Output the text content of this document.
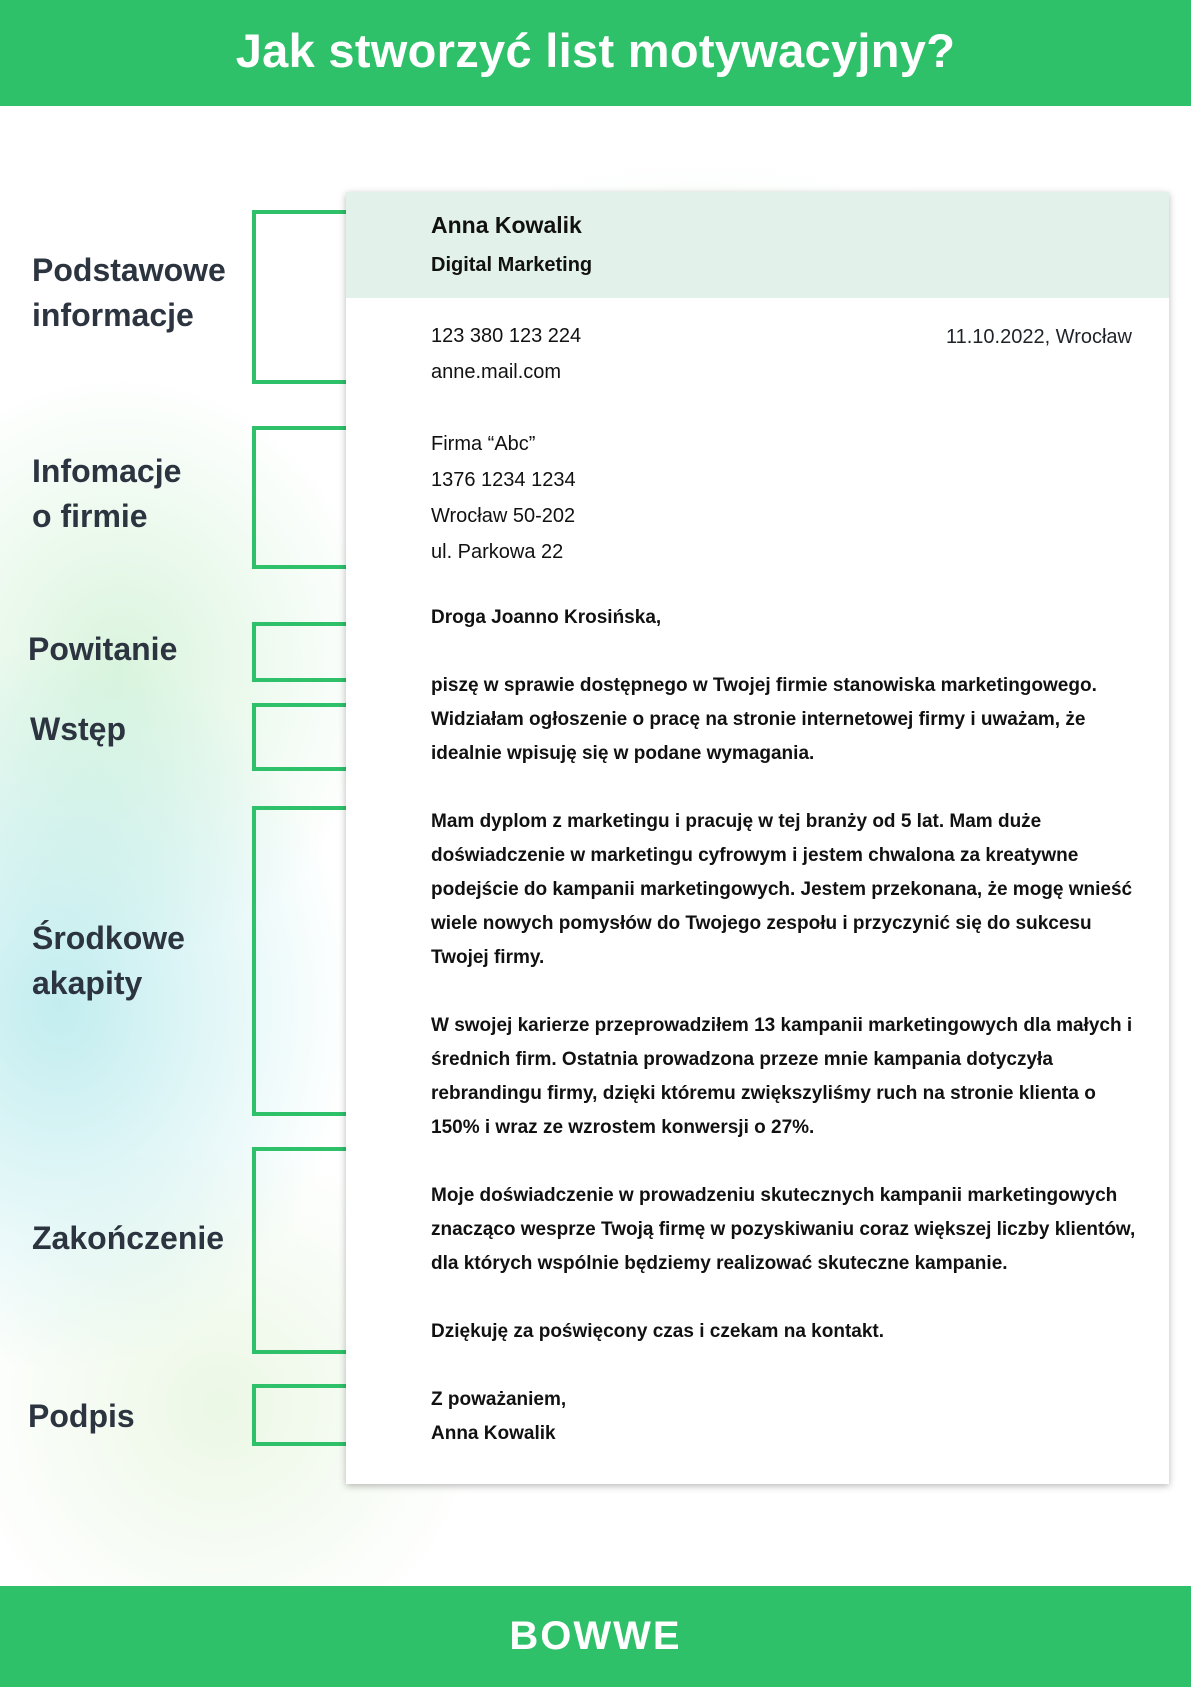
Jak stworzyć list motywacyjny?
Podstawowe
informacje
Infomacje
o firmie
Powitanie
Wstęp
Środkowe
akapity
Zakończenie
Podpis
Anna Kowalik
Digital Marketing
123 380 123 224
anne.mail.com
11.10.2022, Wrocław
Firma “Abc”
1376 1234 1234
Wrocław 50-202
ul. Parkowa 22
Droga Joanno Krosińska,
piszę w sprawie dostępnego w Twojej firmie stanowiska marketingowego. Widziałam ogłoszenie o pracę na stronie internetowej firmy i uważam, że idealnie wpisuję się w podane wymagania.
Mam dyplom z marketingu i pracuję w tej branży od 5 lat. Mam duże doświadczenie w marketingu cyfrowym i jestem chwalona za kreatywne podejście do kampanii marketingowych. Jestem przekonana, że mogę wnieść wiele nowych pomysłów do Twojego zespołu i przyczynić się do sukcesu Twojej firmy.
W swojej karierze przeprowadziłem 13 kampanii marketingowych dla małych i średnich firm. Ostatnia prowadzona przeze mnie kampania dotyczyła rebrandingu firmy, dzięki któremu zwiększyliśmy ruch na stronie klienta o 150% i wraz ze wzrostem konwersji o 27%.
Moje doświadczenie w prowadzeniu skutecznych kampanii marketingowych znacząco wesprze Twoją firmę w pozyskiwaniu coraz większej liczby klientów, dla których wspólnie będziemy realizować skuteczne kampanie.
Dziękuję za poświęcony czas i czekam na kontakt.
Z poważaniem,
Anna Kowalik
BOWWE
